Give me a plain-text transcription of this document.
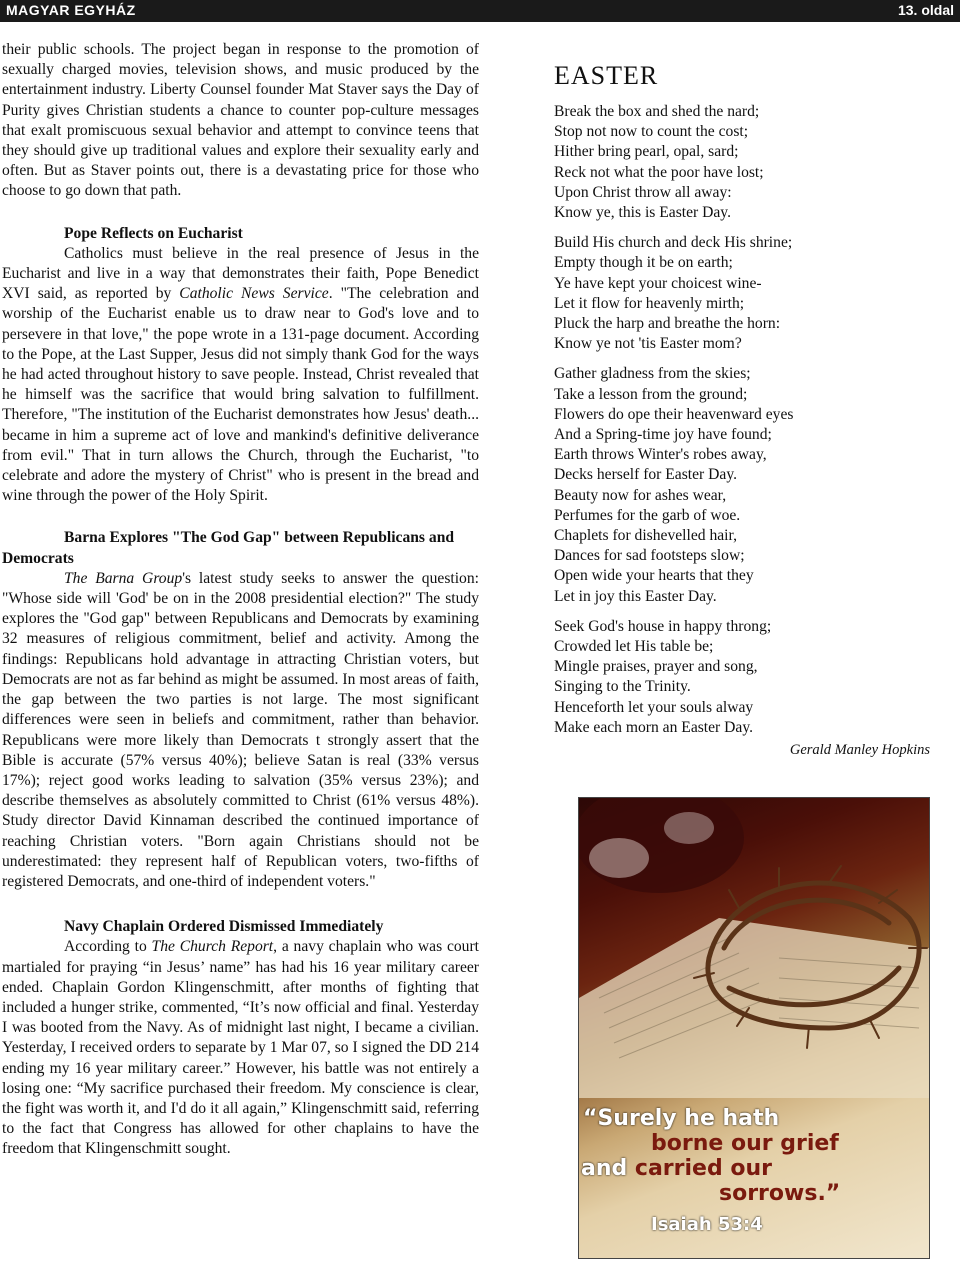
MAGYAR EGYHÁZ	13. oldal

their public schools. The project began in response to the promotion of sexually charged movies, television shows, and music produced by the entertainment industry. Liberty Counsel founder Mat Staver says the Day of Purity gives Christian students a chance to counter pop-culture messages that exalt promiscuous sexual behavior and attempt to convince teens that they should give up traditional values and explore their sexuality early and often. But as Staver points out, there is a devastating price for those who choose to go down that path.

Pope Reflects on Eucharist

Catholics must believe in the real presence of Jesus in the Eucharist and live in a way that demonstrates their faith, Pope Benedict XVI said, as reported by Catholic News Service. "The celebration and worship of the Eucharist enable us to draw near to God's love and to persevere in that love," the pope wrote in a 131-page document. According to the Pope, at the Last Supper, Jesus did not simply thank God for the ways he had acted throughout history to save people. Instead, Christ revealed that he himself was the sacrifice that would bring salvation to fulfillment. Therefore, "The institution of the Eucharist demonstrates how Jesus' death... became in him a supreme act of love and mankind's definitive deliverance from evil." That in turn allows the Church, through the Eucharist, "to celebrate and adore the mystery of Christ" who is present in the bread and wine through the power of the Holy Spirit.

Barna Explores "The God Gap" between Republicans and Democrats

The Barna Group's latest study seeks to answer the question: "Whose side will 'God' be on in the 2008 presidential election?" The study explores the "God gap" between Republicans and Democrats by examining 32 measures of religious commitment, belief and activity. Among the findings: Republicans hold advantage in attracting Christian voters, but Democrats are not as far behind as might be assumed. In most areas of faith, the gap between the two parties is not large. The most significant differences were seen in beliefs and commitment, rather than behavior. Republicans were more likely than Democrats t strongly assert that the Bible is accurate (57% versus 40%); believe Satan is real (33% versus 17%); reject good works leading to salvation (35% versus 23%); and describe themselves as absolutely committed to Christ (61% versus 48%). Study director David Kinnaman described the continued importance of reaching Christian voters. "Born again Christians should not be underestimated: they represent half of Republican voters, two-fifths of registered Democrats, and one-third of independent voters."

Navy Chaplain Ordered Dismissed Immediately

According to The Church Report, a navy chaplain who was court martialed for praying “in Jesus’ name” has had his 16 year military career ended. Chaplain Gordon Klingenschmitt, after months of fighting that included a hunger strike, commented, “It’s now official and final. Yesterday I was booted from the Navy. As of midnight last night, I became a civilian. Yesterday, I received orders to separate by 1 Mar 07, so I signed the DD 214 ending my 16 year military career.” However, his battle was not entirely a losing one: “My sacrifice purchased their freedom. My conscience is clear, the fight was worth it, and I'd do it all again,” Klingenschmitt said, referring to the fact that Congress has allowed for other chaplains to have the freedom that Klingenschmitt sought.

EASTER
Break the box and shed the nard;
Stop not now to count the cost;
Hither bring pearl, opal, sard;
Reck not what the poor have lost;
Upon Christ throw all away:
Know ye, this is Easter Day.
Build His church and deck His shrine;
Empty though it be on earth;
Ye have kept your choicest wine-
Let it flow for heavenly mirth;
Pluck the harp and breathe the horn:
Know ye not 'tis Easter mom?
Gather gladness from the skies;
Take a lesson from the ground;
Flowers do ope their heavenward eyes
And a Spring-time joy have found;
Earth throws Winter's robes away,
Decks herself for Easter Day.
Beauty now for ashes wear,
Perfumes for the garb of woe.
Chaplets for dishevelled hair,
Dances for sad footsteps slow;
Open wide your hearts that they
Let in joy this Easter Day.
Seek God's house in happy throng;
Crowded let His table be;
Mingle praises, prayer and song,
Singing to the Trinity.
Henceforth let your souls alway
Make each morn an Easter Day.
Gerald Manley Hopkins
“Surely he hath
borne our grief
and carried our
sorrows.”
Isaiah 53:4
